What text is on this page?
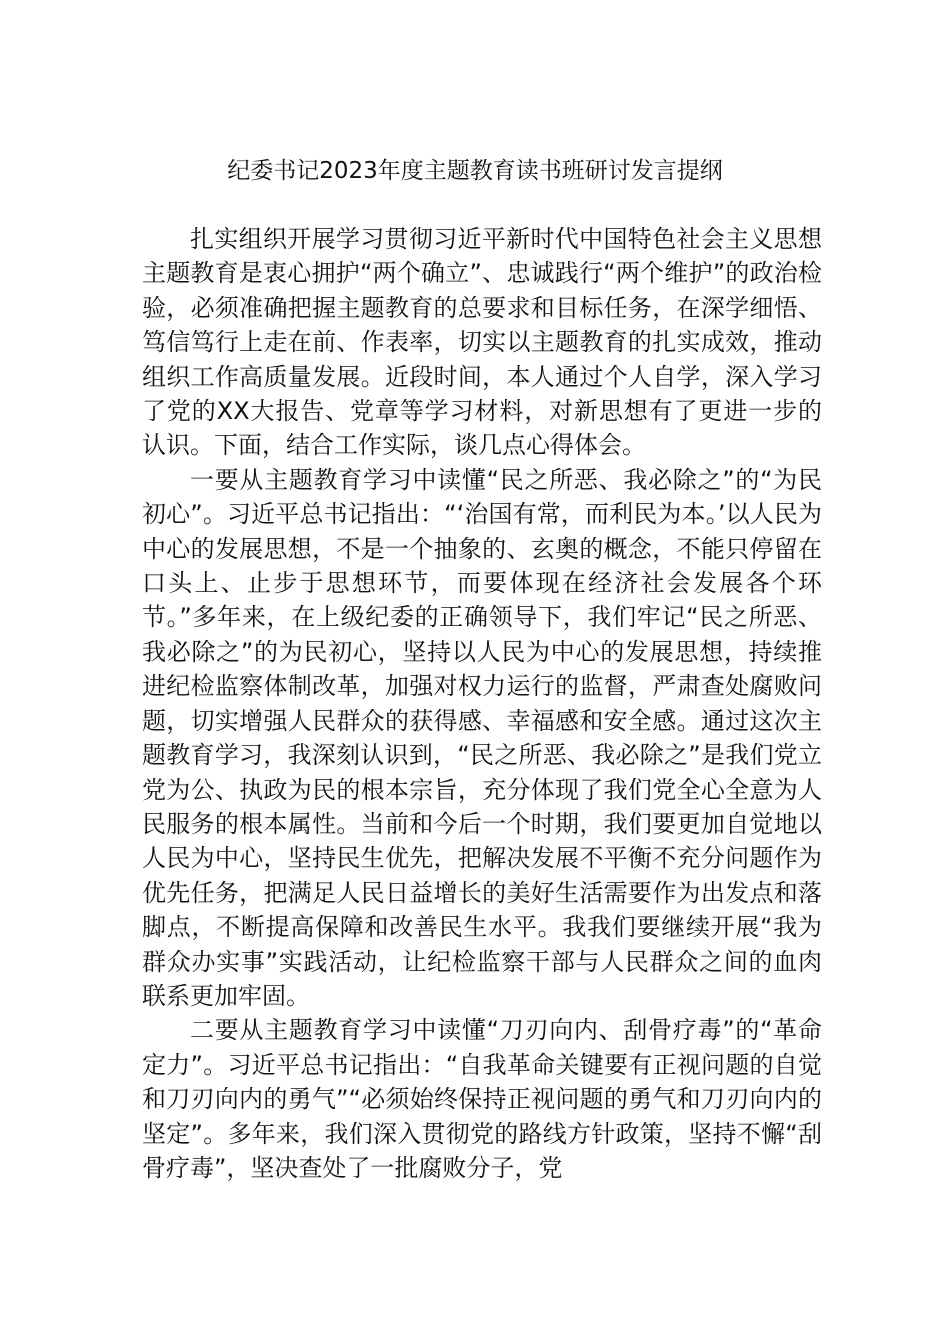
纪委书记2023年度主题教育读书班研讨发言提纲

扎实组织开展学习贯彻习近平新时代中国特色社会主义思想主题教育是衷心拥护“两个确立”、忠诚践行“两个维护”的政治检验，必须准确把握主题教育的总要求和目标任务，在深学细悟、笃信笃行上走在前、作表率，切实以主题教育的扎实成效，推动组织工作高质量发展。近段时间，本人通过个人自学，深入学习了党的XX大报告、党章等学习材料，对新思想有了更进一步的认识。下面，结合工作实际，谈几点心得体会。

一要从主题教育学习中读懂“民之所恶、我必除之”的“为民初心”。习近平总书记指出：“‘治国有常，而利民为本。’以人民为中心的发展思想，不是一个抽象的、玄奥的概念，不能只停留在口头上、止步于思想环节，而要体现在经济社会发展各个环节。”多年来，在上级纪委的正确领导下，我们牢记“民之所恶、我必除之”的为民初心，坚持以人民为中心的发展思想，持续推进纪检监察体制改革，加强对权力运行的监督，严肃查处腐败问题，切实增强人民群众的获得感、幸福感和安全感。通过这次主题教育学习，我深刻认识到，“民之所恶、我必除之”是我们党立党为公、执政为民的根本宗旨，充分体现了我们党全心全意为人民服务的根本属性。当前和今后一个时期，我们要更加自觉地以人民为中心，坚持民生优先，把解决发展不平衡不充分问题作为优先任务，把满足人民日益增长的美好生活需要作为出发点和落脚点，不断提高保障和改善民生水平。我我们要继续开展“我为群众办实事”实践活动，让纪检监察干部与人民群众之间的血肉联系更加牢固。

二要从主题教育学习中读懂“刀刃向内、刮骨疗毒”的“革命定力”。习近平总书记指出：“自我革命关键要有正视问题的自觉和刀刃向内的勇气”“必须始终保持正视问题的勇气和刀刃向内的坚定”。多年来，我们深入贯彻党的路线方针政策，坚持不懈“刮骨疗毒”，坚决查处了一批腐败分子，党
